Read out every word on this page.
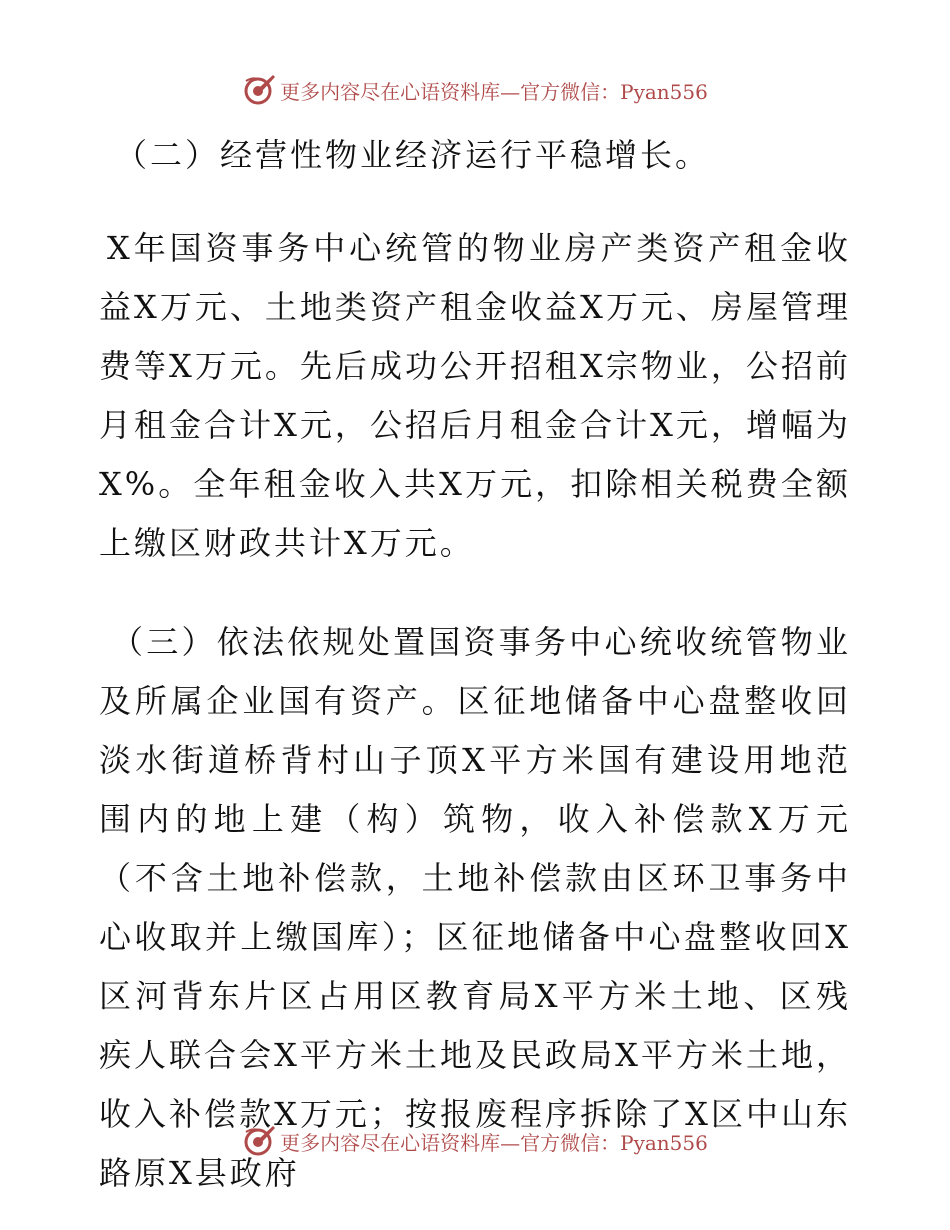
更多内容尽在心语资料库—官方微信：Pyan556

（二）经营性物业经济运行平稳增长。

X年国资事务中心统管的物业房产类资产租金收益X万元、土地类资产租金收益X万元、房屋管理费等X万元。先后成功公开招租X宗物业，公招前月租金合计X元，公招后月租金合计X元，增幅为X%。全年租金收入共X万元，扣除相关税费全额上缴区财政共计X万元。

（三）依法依规处置国资事务中心统收统管物业及所属企业国有资产。区征地储备中心盘整收回淡水街道桥背村山子顶X平方米国有建设用地范围内的地上建（构）筑物，收入补偿款X万元（不含土地补偿款，土地补偿款由区环卫事务中心收取并上缴国库）；区征地储备中心盘整收回X区河背东片区占用区教育局X平方米土地、区残疾人联合会X平方米土地及民政局X平方米土地，收入补偿款X万元；按报废程序拆除了X区中山东路原X县政府

更多内容尽在心语资料库—官方微信：Pyan556
